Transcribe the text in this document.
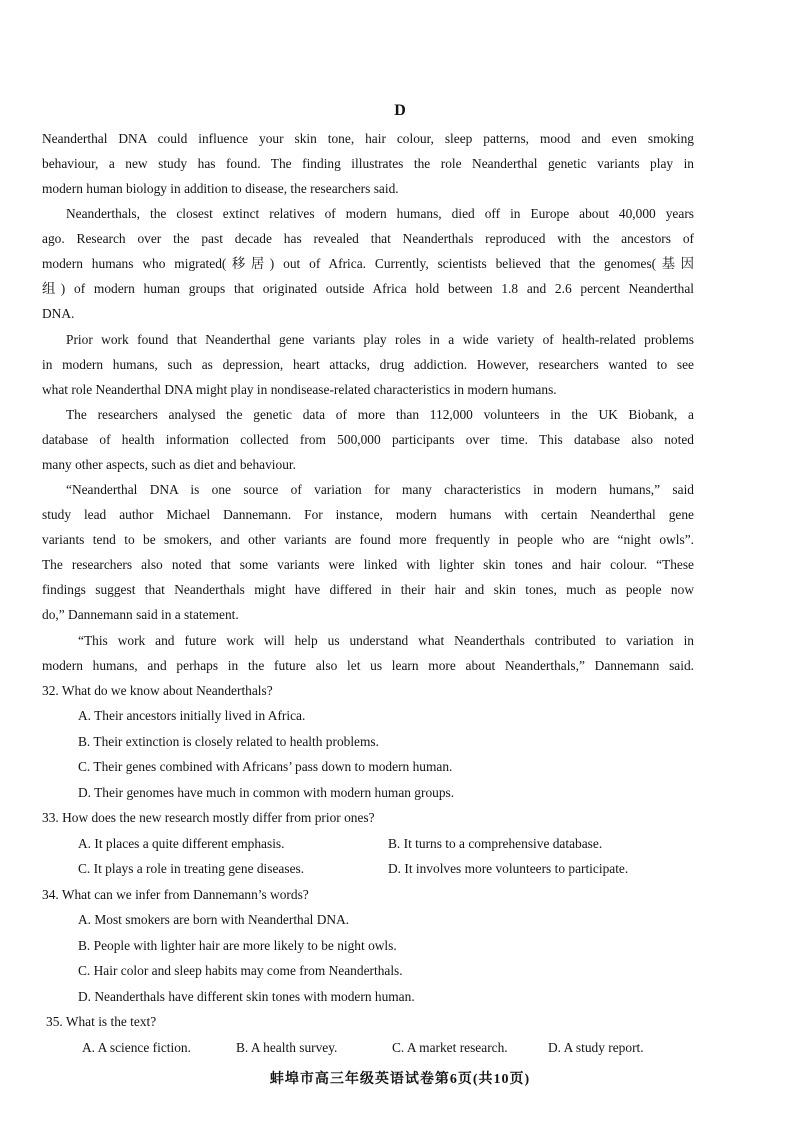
D
Neanderthal DNA could influence your skin tone, hair colour, sleep patterns, mood and even smoking
behaviour, a new study has found. The finding illustrates the role Neanderthal genetic variants play in
modern human biology in addition to disease, the researchers said.
Neanderthals, the closest extinct relatives of modern humans, died off in Europe about 40,000 years
ago. Research over the past decade has revealed that Neanderthals reproduced with the ancestors of
modern humans who migrated(移居) out of Africa. Currently, scientists believed that the genomes(基因
组) of modern human groups that originated outside Africa hold between 1.8 and 2.6 percent Neanderthal
DNA.
Prior work found that Neanderthal gene variants play roles in a wide variety of health-related problems
in modern humans, such as depression, heart attacks, drug addiction. However, researchers wanted to see
what role Neanderthal DNA might play in nondisease-related characteristics in modern humans.
The researchers analysed the genetic data of more than 112,000 volunteers in the UK Biobank, a
database of health information collected from 500,000 participants over time. This database also noted
many other aspects, such as diet and behaviour.
“Neanderthal DNA is one source of variation for many characteristics in modern humans,” said
study lead author Michael Dannemann. For instance, modern humans with certain Neanderthal gene
variants tend to be smokers, and other variants are found more frequently in people who are “night owls”.
The researchers also noted that some variants were linked with lighter skin tones and hair colour. “These
findings suggest that Neanderthals might have differed in their hair and skin tones, much as people now
do,” Dannemann said in a statement.
“This work and future work will help us understand what Neanderthals contributed to variation in
modern humans, and perhaps in the future also let us learn more about Neanderthals,” Dannemann said.
32. What do we know about Neanderthals?
A. Their ancestors initially lived in Africa.
B. Their extinction is closely related to health problems.
C. Their genes combined with Africans’ pass down to modern human.
D. Their genomes have much in common with modern human groups.
33. How does the new research mostly differ from prior ones?
A. It places a quite different emphasis.	B. It turns to a comprehensive database.
C. It plays a role in treating gene diseases.	D. It involves more volunteers to participate.
34. What can we infer from Dannemann’s words?
A. Most smokers are born with Neanderthal DNA.
B. People with lighter hair are more likely to be night owls.
C. Hair color and sleep habits may come from Neanderthals.
D. Neanderthals have different skin tones with modern human.
35. What is the text?
A. A science fiction.	B. A health survey.	C. A market research.	D. A study report.
蚌埠市高三年级英语试卷第6页(共10页)
